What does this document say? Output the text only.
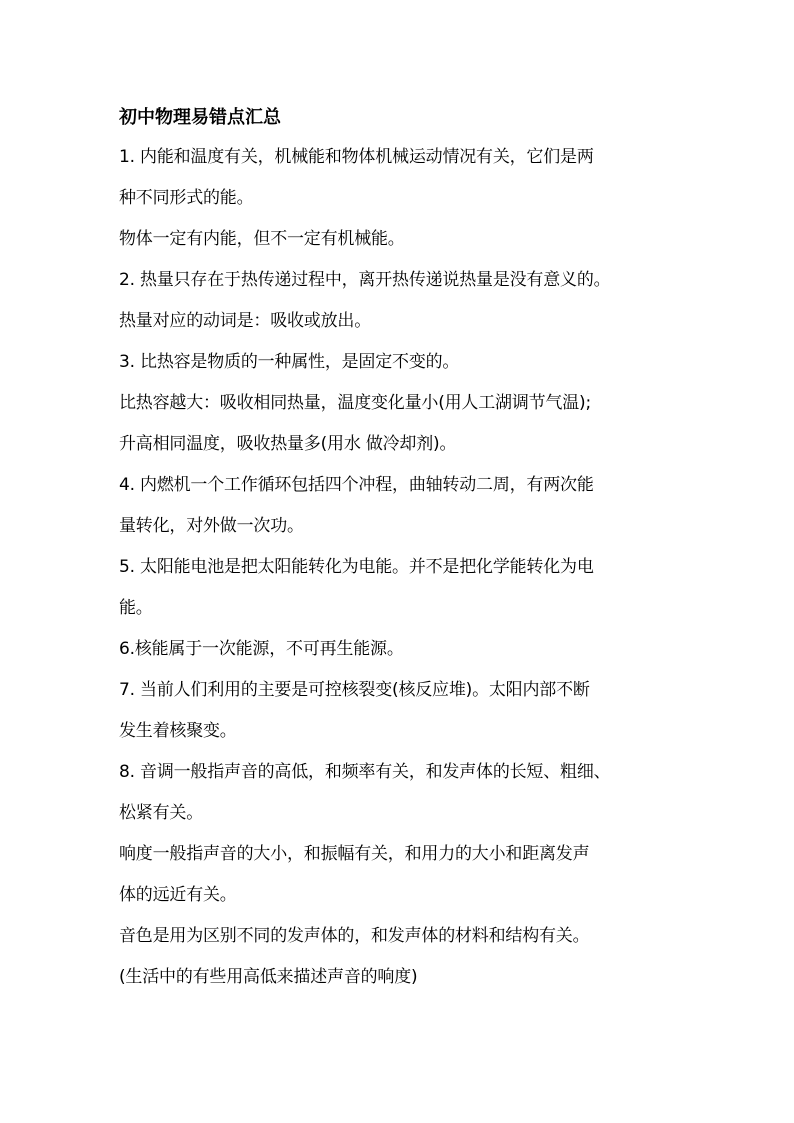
初中物理易错点汇总
1. 内能和温度有关，机械能和物体机械运动情况有关，它们是两
种不同形式的能。
物体一定有内能，但不一定有机械能。
2. 热量只存在于热传递过程中，离开热传递说热量是没有意义的。
热量对应的动词是：吸收或放出。
3. 比热容是物质的一种属性，是固定不变的。
比热容越大：吸收相同热量，温度变化量小(用人工湖调节气温);
升高相同温度，吸收热量多(用水 做冷却剂)。
4. 内燃机一个工作循环包括四个冲程，曲轴转动二周，有两次能
量转化，对外做一次功。
5. 太阳能电池是把太阳能转化为电能。并不是把化学能转化为电
能。
6.核能属于一次能源，不可再生能源。
7. 当前人们利用的主要是可控核裂变(核反应堆)。太阳内部不断
发生着核聚变。
8. 音调一般指声音的高低，和频率有关，和发声体的长短、粗细、
松紧有关。
响度一般指声音的大小，和振幅有关，和用力的大小和距离发声
体的远近有关。
音色是用为区别不同的发声体的，和发声体的材料和结构有关。
(生活中的有些用高低来描述声音的响度)
